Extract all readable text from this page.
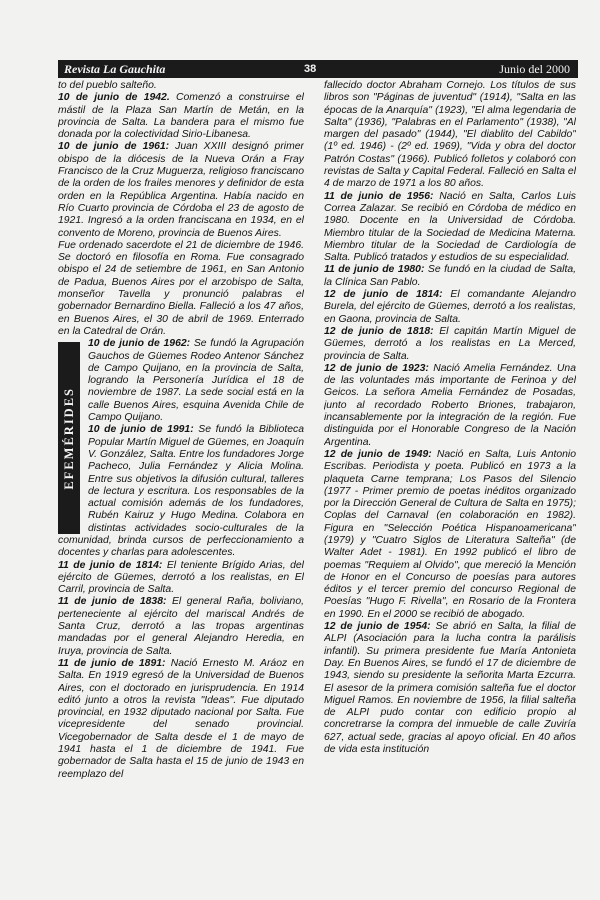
Revista La Gauchita	38	Junio del 2000

to del pueblo salteño.

10 de junio de 1942. Comenzó a construirse el mástil de la Plaza San Martín de Metán, en la provincia de Salta. La bandera para el mismo fue donada por la colectividad Sirio-Libanesa.

10 de junio de 1961: Juan XXIII designó primer obispo de la diócesis de la Nueva Orán a Fray Francisco de la Cruz Muguerza, religioso franciscano de la orden de los frailes menores y definidor de esta orden en la República Argentina. Había nacido en Río Cuarto provincia de Córdoba el 23 de agosto de 1921. Ingresó a la orden franciscana en 1934, en el convento de Moreno, provincia de Buenos Aires.

Fue ordenado sacerdote el 21 de diciembre de 1946. Se doctoró en filosofía en Roma. Fue consagrado obispo el 24 de setiembre de 1961, en San Antonio de Padua, Buenos Aires por el arzobispo de Salta, monseñor Tavella y pronunció palabras el gobernador Bernardino Biella. Falleció a los 47 años, en Buenos Aires, el 30 de abril de 1969. Enterrado en la Catedral de Orán.

EFEMÉRIDES

10 de junio de 1962: Se fundó la Agrupación Gauchos de Güemes Rodeo Antenor Sánchez de Campo Quijano, en la provincia de Salta, logrando la Personería Jurídica el 18 de noviembre de 1987. La sede social está en la calle Buenos Aires, esquina Avenida Chile de Campo Quijano.

10 de junio de 1991: Se fundó la Biblioteca Popular Martín Miguel de Güemes, en Joaquín V. González, Salta. Entre los fundadores Jorge Pacheco, Julia Fernández y Alicia Molina. Entre sus objetivos la difusión cultural, talleres de lectura y escritura. Los responsables de la actual comisión además de los fundadores, Rubén Kairuz y Hugo Medina. Colabora en distintas actividades socio-culturales de la comunidad, brinda cursos de perfeccionamiento a docentes y charlas para adolescentes.

11 de junio de 1814: El teniente Brígido Arias, del ejército de Güemes, derrotó a los realistas, en El Carril, provincia de Salta.

11 de junio de 1838: El general Raña, boliviano, perteneciente al ejército del mariscal Andrés de Santa Cruz, derrotó a las tropas argentinas mandadas por el general Alejandro Heredia, en Iruya, provincia de Salta.

11 de junio de 1891: Nació Ernesto M. Aráoz en Salta. En 1919 egresó de la Universidad de Buenos Aires, con el doctorado en jurisprudencia. En 1914 editó junto a otros la revista "Ideas". Fue diputado provincial, en 1932 diputado nacional por Salta. Fue vicepresidente del senado provincial. Vicegobernador de Salta desde el 1 de mayo de 1941 hasta el 1 de diciembre de 1941. Fue gobernador de Salta hasta el 15 de junio de 1943 en reemplazo del

fallecido doctor Abraham Cornejo. Los títulos de sus libros son "Páginas de juventud" (1914), "Salta en las épocas de la Anarquía" (1923), "El alma legendaria de Salta" (1936), "Palabras en el Parlamento" (1938), "Al margen del pasado" (1944), "El diablito del Cabildo" (1º ed. 1946) - (2º ed. 1969), "Vida y obra del doctor Patrón Costas" (1966). Publicó folletos y colaboró con revistas de Salta y Capital Federal. Falleció en Salta el 4 de marzo de 1971 a los 80 años.

11 de junio de 1956: Nació en Salta, Carlos Luis Correa Zalazar. Se recibió en Córdoba de médico en 1980. Docente en la Universidad de Córdoba. Miembro titular de la Sociedad de Medicina Materna. Miembro titular de la Sociedad de Cardiología de Salta. Publicó tratados y estudios de su especialidad.

11 de junio de 1980: Se fundó en la ciudad de Salta, la Clínica San Pablo.

12 de junio de 1814: El comandante Alejandro Burela, del ejército de Güemes, derrotó a los realistas, en Gaona, provincia de Salta.

12 de junio de 1818: El capitán Martín Miguel de Güemes, derrotó a los realistas en La Merced, provincia de Salta.

12 de junio de 1923: Nació Amelia Fernández. Una de las voluntades más importante de Ferinoa y del Geicos. La señora Amelia Fernández de Posadas, junto al recordado Roberto Briones, trabajaron, incansablemente por la integración de la región. Fue distinguida por el Honorable Congreso de la Nación Argentina.

12 de junio de 1949: Nació en Salta, Luis Antonio Escribas. Periodista y poeta. Publicó en 1973 a la plaqueta Carne temprana; Los Pasos del Silencio (1977 - Primer premio de poetas inéditos organizado por la Dirección General de Cultura de Salta en 1975); Coplas del Carnaval (en colaboración en 1982). Figura en "Selección Poética Hispanoamericana" (1979) y "Cuatro Siglos de Literatura Salteña" (de Walter Adet - 1981). En 1992 publicó el libro de poemas "Requiem al Olvido", que mereció la Mención de Honor en el Concurso de poesías para autores éditos y el tercer premio del concurso Regional de Poesías "Hugo F. Rivella", en Rosario de la Frontera en 1990. En el 2000 se recibió de abogado.

12 de junio de 1954: Se abrió en Salta, la filial de ALPI (Asociación para la lucha contra la parálisis infantil). Su primera presidente fue María Antonieta Day. En Buenos Aires, se fundó el 17 de diciembre de 1943, siendo su presidente la señorita Marta Ezcurra. El asesor de la primera comisión salteña fue el doctor Miguel Ramos. En noviembre de 1956, la filial salteña de ALPI pudo contar con edificio propio al concretrarse la compra del inmueble de calle Zuviría 627, actual sede, gracias al apoyo oficial. En 40 años de vida esta institución
